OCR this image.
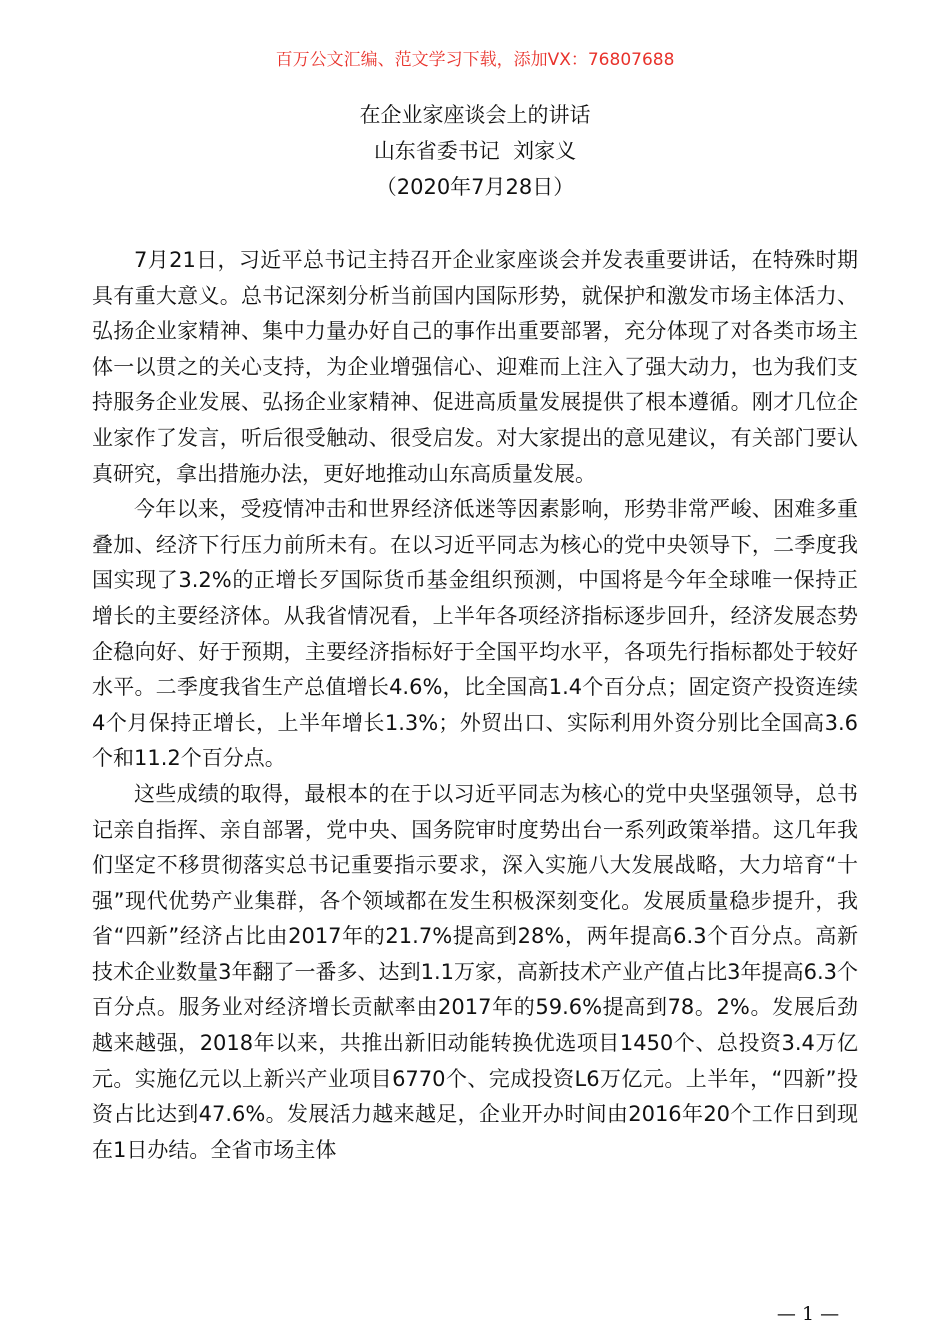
百万公文汇编、范文学习下载，添加VX：76807688
在企业家座谈会上的讲话
山东省委书记  刘家义
（2020年7月28日）

7月21日，习近平总书记主持召开企业家座谈会并发表重要讲话，在特殊时期具有重大意义。总书记深刻分析当前国内国际形势，就保护和激发市场主体活力、弘扬企业家精神、集中力量办好自己的事作出重要部署，充分体现了对各类市场主体一以贯之的关心支持，为企业增强信心、迎难而上注入了强大动力，也为我们支持服务企业发展、弘扬企业家精神、促进高质量发展提供了根本遵循。刚才几位企业家作了发言，听后很受触动、很受启发。对大家提出的意见建议，有关部门要认真研究，拿出措施办法，更好地推动山东高质量发展。

今年以来，受疫情冲击和世界经济低迷等因素影响，形势非常严峻、困难多重叠加、经济下行压力前所未有。在以习近平同志为核心的党中央领导下，二季度我国实现了3.2%的正增长歹国际货币基金组织预测，中国将是今年全球唯一保持正增长的主要经济体。从我省情况看，上半年各项经济指标逐步回升，经济发展态势企稳向好、好于预期，主要经济指标好于全国平均水平，各项先行指标都处于较好水平。二季度我省生产总值增长4.6%，比全国高1.4个百分点；固定资产投资连续4个月保持正增长，上半年增长1.3%；外贸出口、实际利用外资分别比全国高3.6个和11.2个百分点。

这些成绩的取得，最根本的在于以习近平同志为核心的党中央坚强领导，总书记亲自指挥、亲自部署，党中央、国务院审时度势出台一系列政策举措。这几年我们坚定不移贯彻落实总书记重要指示要求，深入实施八大发展战略，大力培育“十强”现代优势产业集群，各个领域都在发生积极深刻变化。发展质量稳步提升，我省“四新”经济占比由2017年的21.7%提高到28%，两年提高6.3个百分点。高新技术企业数量3年翻了一番多、达到1.1万家，高新技术产业产值占比3年提高6.3个百分点。服务业对经济增长贡献率由2017年的59.6%提高到78。2%。发展后劲越来越强，2018年以来，共推出新旧动能转换优选项目1450个、总投资3.4万亿元。实施亿元以上新兴产业项目6770个、完成投资L6万亿元。上半年，“四新”投资占比达到47.6%。发展活力越来越足，企业开办时间由2016年20个工作日到现在1日办结。全省市场主体

— 1 —
